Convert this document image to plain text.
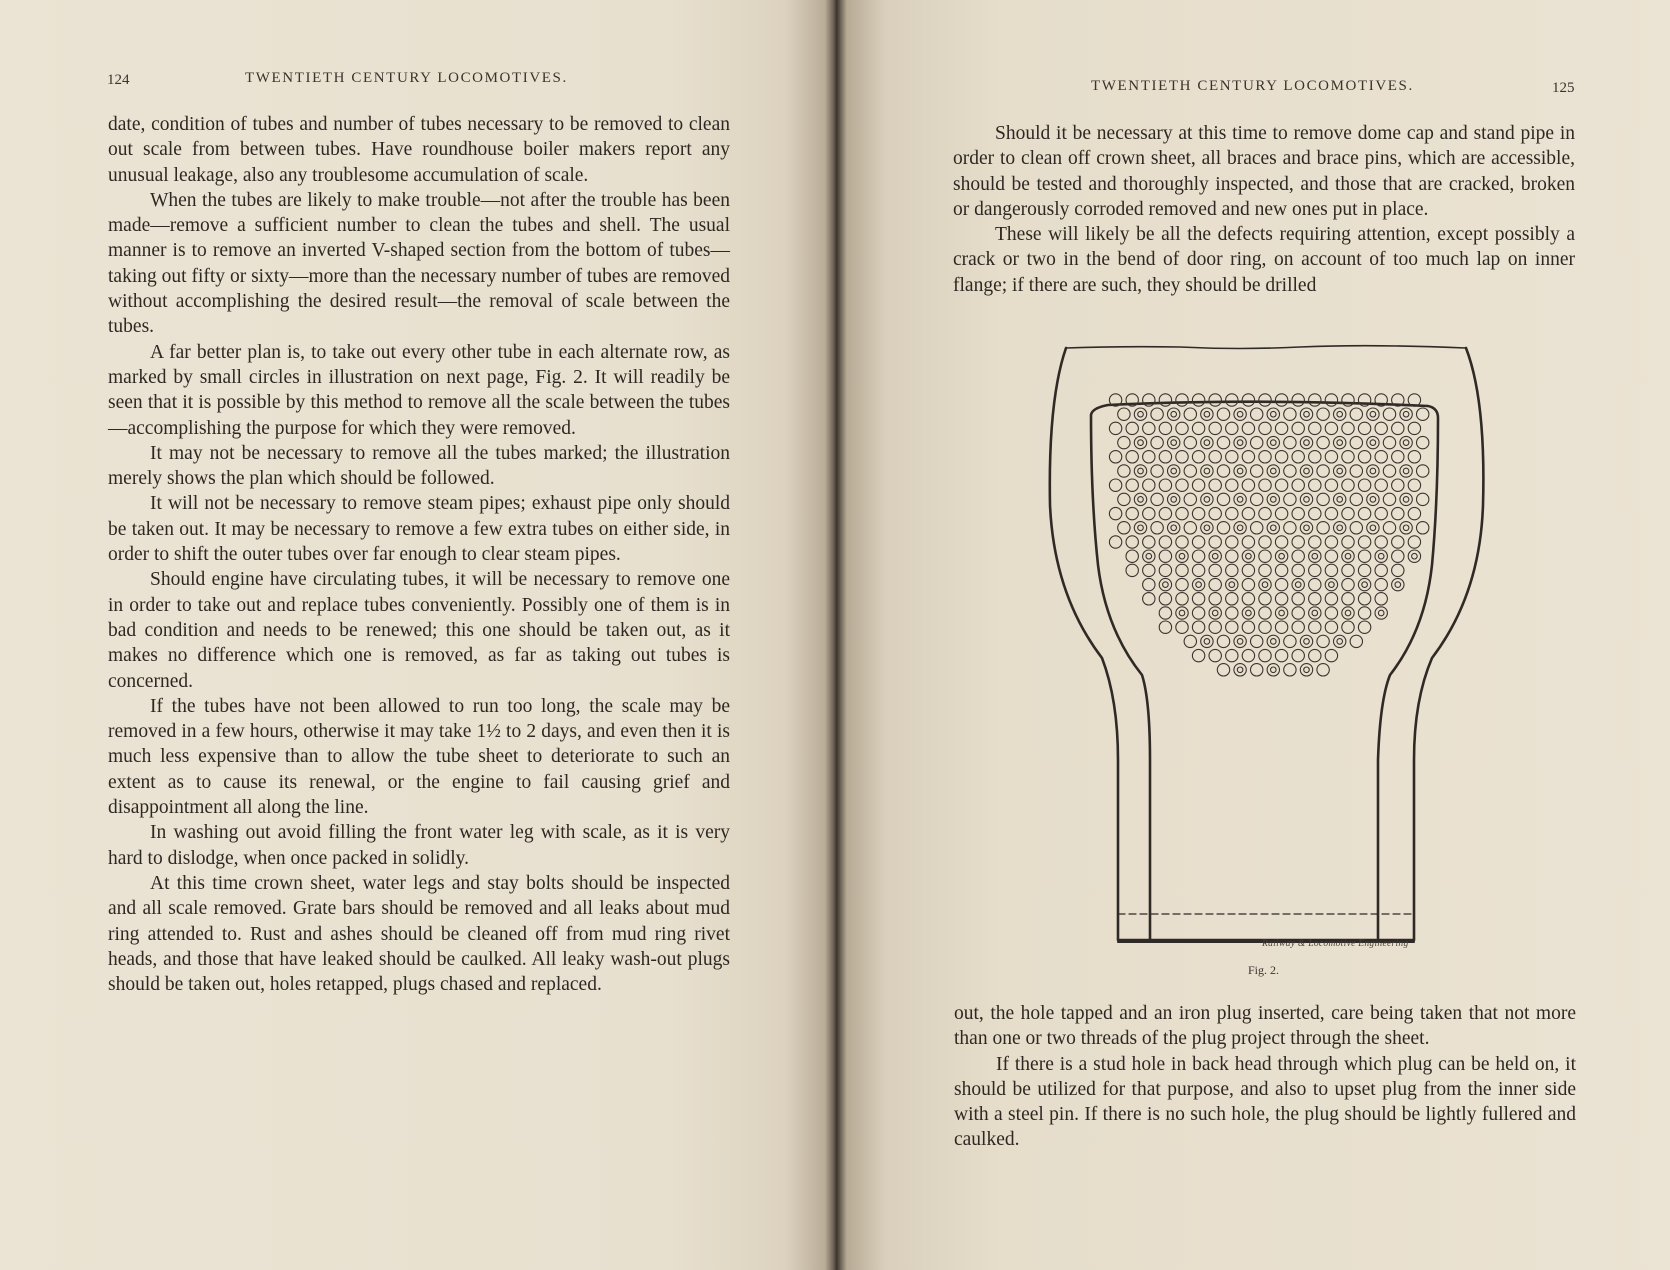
124	TWENTIETH CENTURY LOCOMOTIVES.

date, condition of tubes and number of tubes necessary to be removed to clean out scale from between tubes. Have roundhouse boiler makers report any unusual leakage, also any troublesome accumulation of scale.

When the tubes are likely to make trouble—not after the trouble has been made—remove a sufficient number to clean the tubes and shell. The usual manner is to remove an inverted V-shaped section from the bottom of tubes—taking out fifty or sixty—more than the necessary number of tubes are removed without accomplishing the desired result—the removal of scale between the tubes.

A far better plan is, to take out every other tube in each alternate row, as marked by small circles in illustration on next page, Fig. 2. It will readily be seen that it is possible by this method to remove all the scale between the tubes—accomplishing the purpose for which they were removed.

It may not be necessary to remove all the tubes marked; the illustration merely shows the plan which should be followed.

It will not be necessary to remove steam pipes; exhaust pipe only should be taken out. It may be necessary to remove a few extra tubes on either side, in order to shift the outer tubes over far enough to clear steam pipes.

Should engine have circulating tubes, it will be necessary to remove one in order to take out and replace tubes conveniently. Possibly one of them is in bad condition and needs to be renewed; this one should be taken out, as it makes no difference which one is removed, as far as taking out tubes is concerned.

If the tubes have not been allowed to run too long, the scale may be removed in a few hours, otherwise it may take 1½ to 2 days, and even then it is much less expensive than to allow the tube sheet to deteriorate to such an extent as to cause its renewal, or the engine to fail causing grief and disappointment all along the line.

In washing out avoid filling the front water leg with scale, as it is very hard to dislodge, when once packed in solidly.

At this time crown sheet, water legs and stay bolts should be inspected and all scale removed. Grate bars should be removed and all leaks about mud ring attended to. Rust and ashes should be cleaned off from mud ring rivet heads, and those that have leaked should be caulked. All leaky wash-out plugs should be taken out, holes retapped, plugs chased and replaced.

TWENTIETH CENTURY LOCOMOTIVES.	125

Should it be necessary at this time to remove dome cap and stand pipe in order to clean off crown sheet, all braces and brace pins, which are accessible, should be tested and thoroughly inspected, and those that are cracked, broken or dangerously corroded removed and new ones put in place.

These will likely be all the defects requiring attention, except possibly a crack or two in the bend of door ring, on account of too much lap on inner flange; if there are such, they should be drilled

out, the hole tapped and an iron plug inserted, care being taken that not more than one or two threads of the plug project through the sheet.

If there is a stud hole in back head through which plug can be held on, it should be utilized for that purpose, and also to upset plug from the inner side with a steel pin. If there is no such hole, the plug should be lightly fullered and caulked.

Railway & Locomotive Engineering
Fig. 2.
